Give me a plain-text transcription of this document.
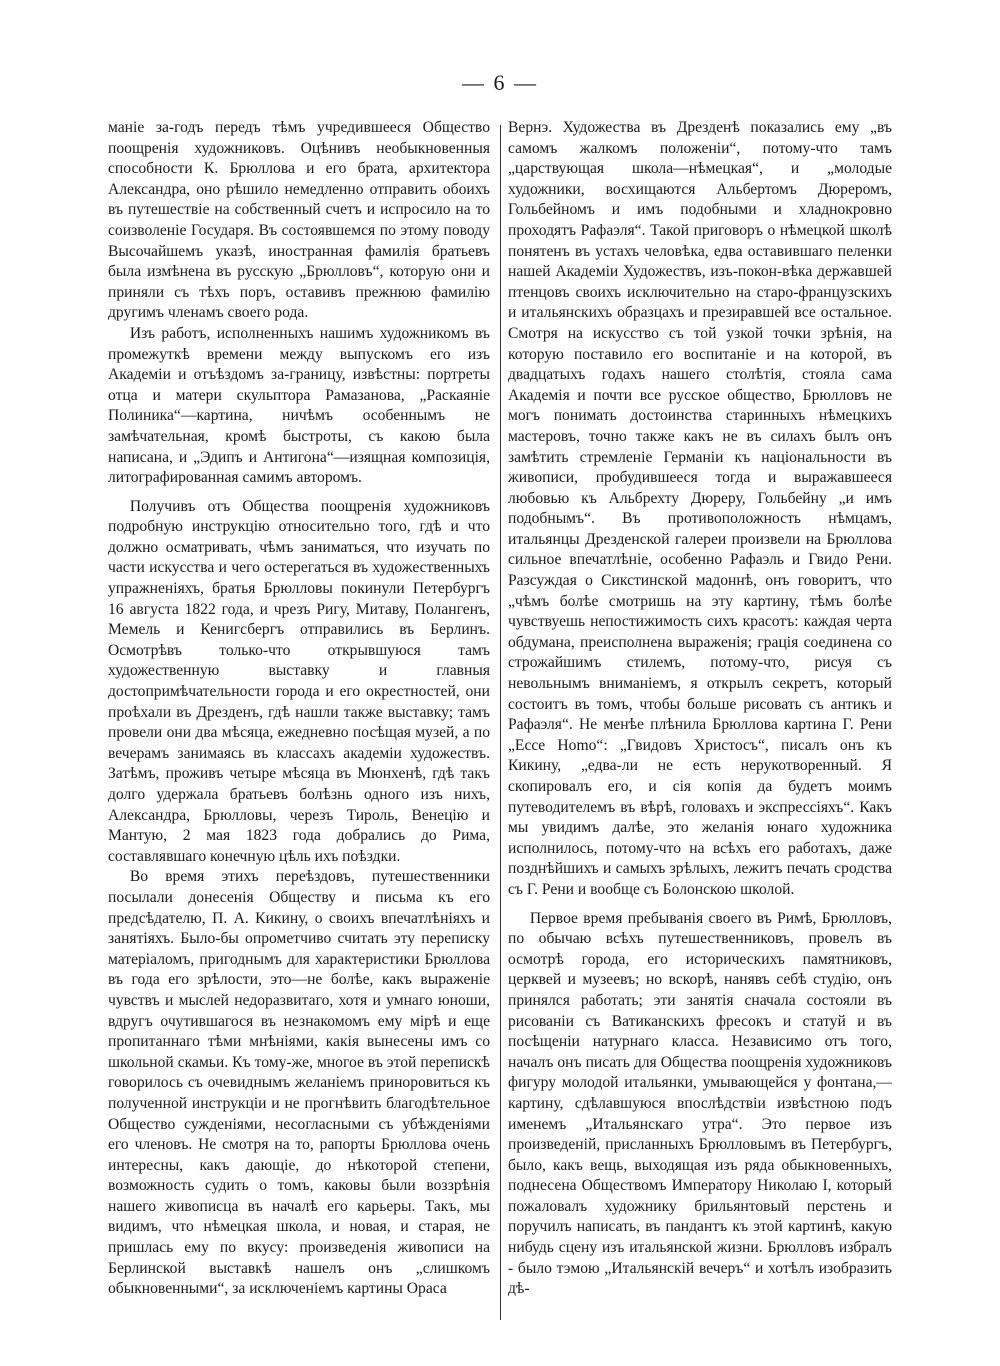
— 6 —

маніе за-годъ передъ тѣмъ учредившееся Общество поощренія художниковъ. Оцѣнивъ необыкновенныя способности К. Брюллова и его брата, архитектора Александра, оно рѣшило немедленно отправить обоихъ въ путешествіе на собственный счетъ и испросило на то соизволеніе Государя. Въ состоявшемся по этому поводу Высочайшемъ указѣ, иностранная фамилія братьевъ была измѣнена въ русскую „Брюлловъ“, которую они и приняли съ тѣхъ поръ, оставивъ прежнюю фамилію другимъ членамъ своего рода.

Изъ работъ, исполненныхъ нашимъ художникомъ въ промежуткѣ времени между выпускомъ его изъ Академіи и отъѣздомъ за-границу, извѣстны: портреты отца и матери скульптора Рамазанова, „Раскаяніе Полиника“—картина, ничѣмъ особеннымъ не замѣчательная, кромѣ быстроты, съ какою была написана, и „Эдипъ и Антигона“—изящная композиція, литографированная самимъ авторомъ.

Получивъ отъ Общества поощренія художниковъ подробную инструкцію относительно того, гдѣ и что должно осматривать, чѣмъ заниматься, что изучать по части искусства и чего остерегаться въ художественныхъ упражненіяхъ, братья Брюлловы покинули Петербургъ 16 августа 1822 года, и чрезъ Ригу, Митаву, Полангенъ, Мемель и Кенигсбергъ отправились въ Берлинъ. Осмотрѣвъ только-что открывшуюся тамъ художественную выставку и главныя достопримѣчательности города и его окрестностей, они проѣхали въ Дрезденъ, гдѣ нашли также выставку; тамъ провели они два мѣсяца, ежедневно посѣщая музей, а по вечерамъ занимаясь въ классахъ академіи художествъ. Затѣмъ, проживъ четыре мѣсяца въ Мюнхенѣ, гдѣ такъ долго удержала братьевъ болѣзнь одного изъ нихъ, Александра, Брюлловы, черезъ Тироль, Венецію и Мантую, 2 мая 1823 года добрались до Рима, составлявшаго конечную цѣль ихъ поѣздки.

Во время этихъ переѣздовъ, путешественники посылали донесенія Обществу и письма къ его предсѣдателю, П. А. Кикину, о своихъ впечатлѣніяхъ и занятіяхъ. Было-бы опрометчиво считать эту переписку матеріаломъ, пригоднымъ для характеристики Брюллова въ года его зрѣлости, это—не болѣе, какъ выраженіе чувствъ и мыслей недоразвитаго, хотя и умнаго юноши, вдругъ очутившагося въ незнакомомъ ему мірѣ и еще пропитаннаго тѣми мнѣніями, какія вынесены имъ со школьной скамьи. Къ тому-же, многое въ этой перепискѣ говорилось съ очевиднымъ желаніемъ приноровиться къ полученной инструкціи и не прогнѣвить благодѣтельное Общество сужденіями, несогласными съ убѣжденіями его членовъ. Не смотря на то, рапорты Брюллова очень интересны, какъ дающіе, до нѣкоторой степени, возможность судить о томъ, каковы были воззрѣнія нашего живописца въ началѣ его карьеры. Такъ, мы видимъ, что нѣмецкая школа, и новая, и старая, не пришлась ему по вкусу: произведенія живописи на Берлинской выставкѣ нашелъ онъ „слишкомъ обыкновенными“, за исключеніемъ картины Ораса

Вернэ. Художества въ Дрезденѣ показались ему „въ самомъ жалкомъ положеніи“, потому-что тамъ „царствующая школа—нѣмецкая“, и „молодые художники, восхищаются Альбертомъ Дюреромъ, Гольбейномъ и имъ подобными и хладнокровно проходятъ Рафаэля“. Такой приговоръ о нѣмецкой школѣ понятенъ въ устахъ человѣка, едва оставившаго пеленки нашей Академіи Художествъ, изъ-покон-вѣка державшей птенцовъ своихъ исключительно на старо-французскихъ и итальянскихъ образцахъ и презиравшей все остальное. Смотря на искусство съ той узкой точки зрѣнія, на которую поставило его воспитаніе и на которой, въ двадцатыхъ годахъ нашего столѣтія, стояла сама Академія и почти все русское общество, Брюлловъ не могъ понимать достоинства старинныхъ нѣмецкихъ мастеровъ, точно также какъ не въ силахъ былъ онъ замѣтить стремленіе Германіи къ національности въ живописи, пробудившееся тогда и выражавшееся любовью къ Альбрехту Дюреру, Гольбейну „и имъ подобнымъ“. Въ противоположность нѣмцамъ, итальянцы Дрезденской галереи произвели на Брюллова сильное впечатлѣніе, особенно Рафаэль и Гвидо Рени. Разсуждая о Сикстинской мадоннѣ, онъ говоритъ, что „чѣмъ болѣе смотришь на эту картину, тѣмъ болѣе чувствуешь непостижимость сихъ красотъ: каждая черта обдумана, преисполнена выраженія; грація соединена со строжайшимъ стилемъ, потому-что, рисуя съ невольнымъ вниманіемъ, я открылъ секретъ, который состоитъ въ томъ, чтобы больше рисовать съ антикъ и Рафаэля“. Не менѣе плѣнила Брюллова картина Г. Рени „Ecce Homo“: „Гвидовъ Христосъ“, писалъ онъ къ Кикину, „едва-ли не есть нерукотворенный. Я скопировалъ его, и сія копія да будетъ моимъ путеводителемъ въ вѣрѣ, головахъ и экспрессіяхъ“. Какъ мы увидимъ далѣе, это желанія юнаго художника исполнилось, потому-что на всѣхъ его работахъ, даже позднѣйшихъ и самыхъ зрѣлыхъ, лежитъ печать сродства съ Г. Рени и вообще съ Болонскою школой.

Первое время пребыванія своего въ Римѣ, Брюлловъ, по обычаю всѣхъ путешественниковъ, провелъ въ осмотрѣ города, его историческихъ памятниковъ, церквей и музеевъ; но вскорѣ, нанявъ себѣ студію, онъ принялся работать; эти занятія сначала состояли въ рисованіи съ Ватиканскихъ фресокъ и статуй и въ посѣщеніи натурнаго класса. Независимо отъ того, началъ онъ писать для Общества поощренія художниковъ фигуру молодой итальянки, умывающейся у фонтана,—картину, сдѣлавшуюся впослѣдствіи извѣстною подъ именемъ „Итальянскаго утра“. Это первое изъ произведеній, присланныхъ Брюлловымъ въ Петербургъ, было, какъ вещь, выходящая изъ ряда обыкновенныхъ, поднесена Обществомъ Императору Николаю I, который пожаловалъ художнику брильянтовый перстень и поручилъ написать, въ пандантъ къ этой картинѣ, какую нибудь сцену изъ итальянской жизни. Брюлловъ избралъ - было тэмою „Итальянскій вечеръ“ и хотѣлъ изобразить дѣ-
